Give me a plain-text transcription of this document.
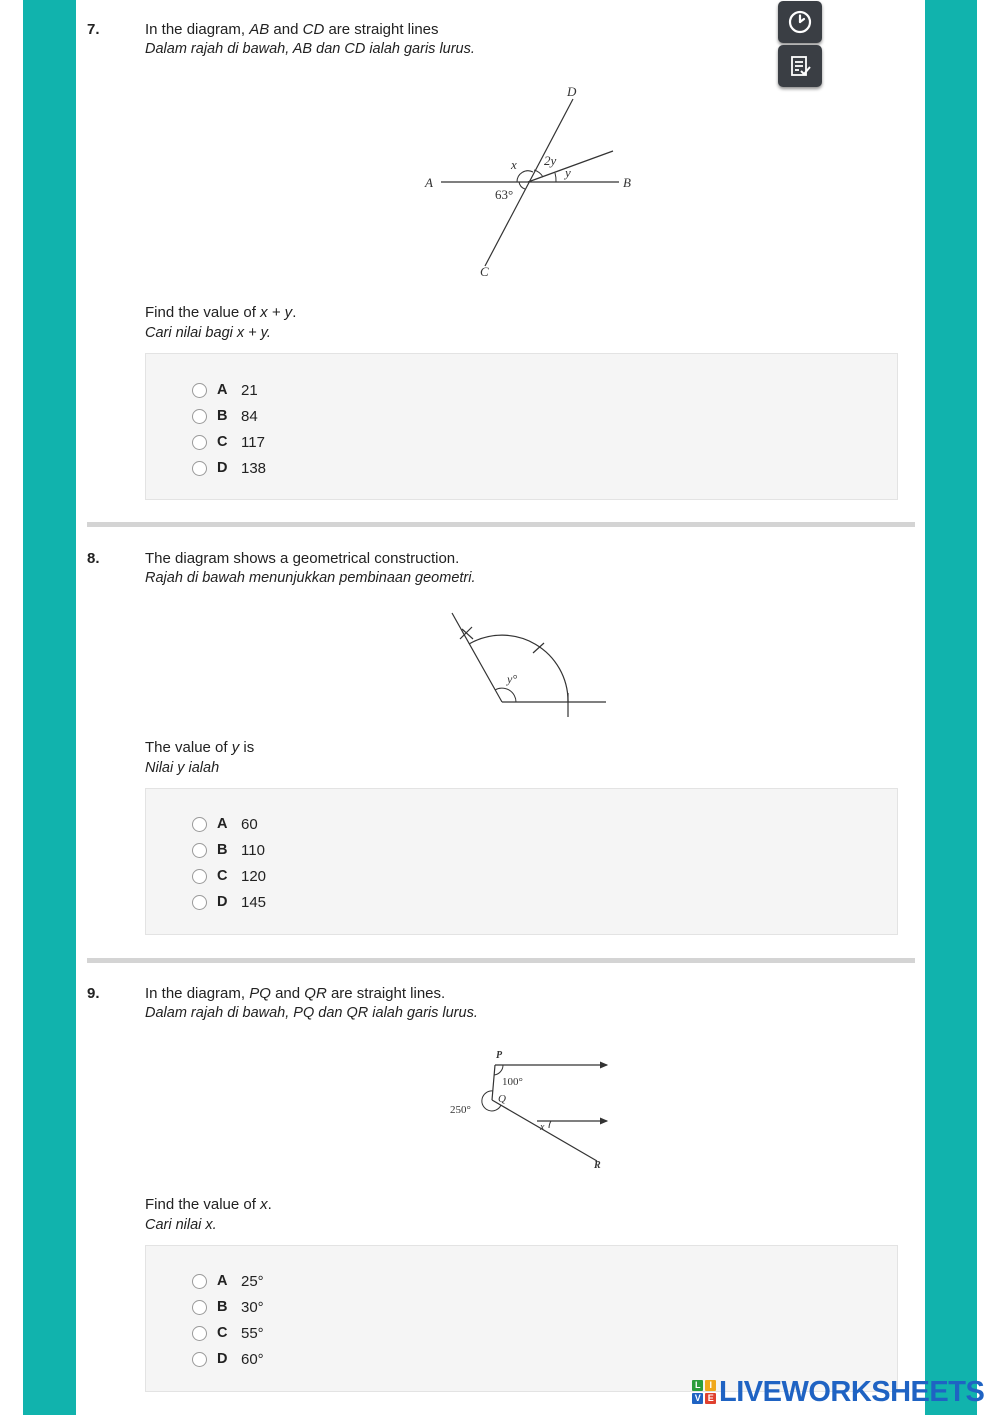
7.	In the diagram, AB and CD are straight lines
Dalam rajah di bawah, AB dan CD ialah garis lurus.
D
A	B
C
x 2y
y
63°
Find the value of x + y.
Cari nilai bagi x + y.
A 21
B 84
C 117
D 138
8.	The diagram shows a geometrical construction.
Rajah di bawah menunjukkan pembinaan geometri.
y°
The value of y is
Nilai y ialah
A 60
B 110
C 120
D 145
9.	In the diagram, PQ and QR are straight lines.
Dalam rajah di bawah, PQ dan QR ialah garis lurus.
P
100°
Q
250°
x
R
Find the value of x.
Cari nilai x.
A 25°
B 30°
C 55°
D 60°
L	I
V E LIVEWORKSHEETS
